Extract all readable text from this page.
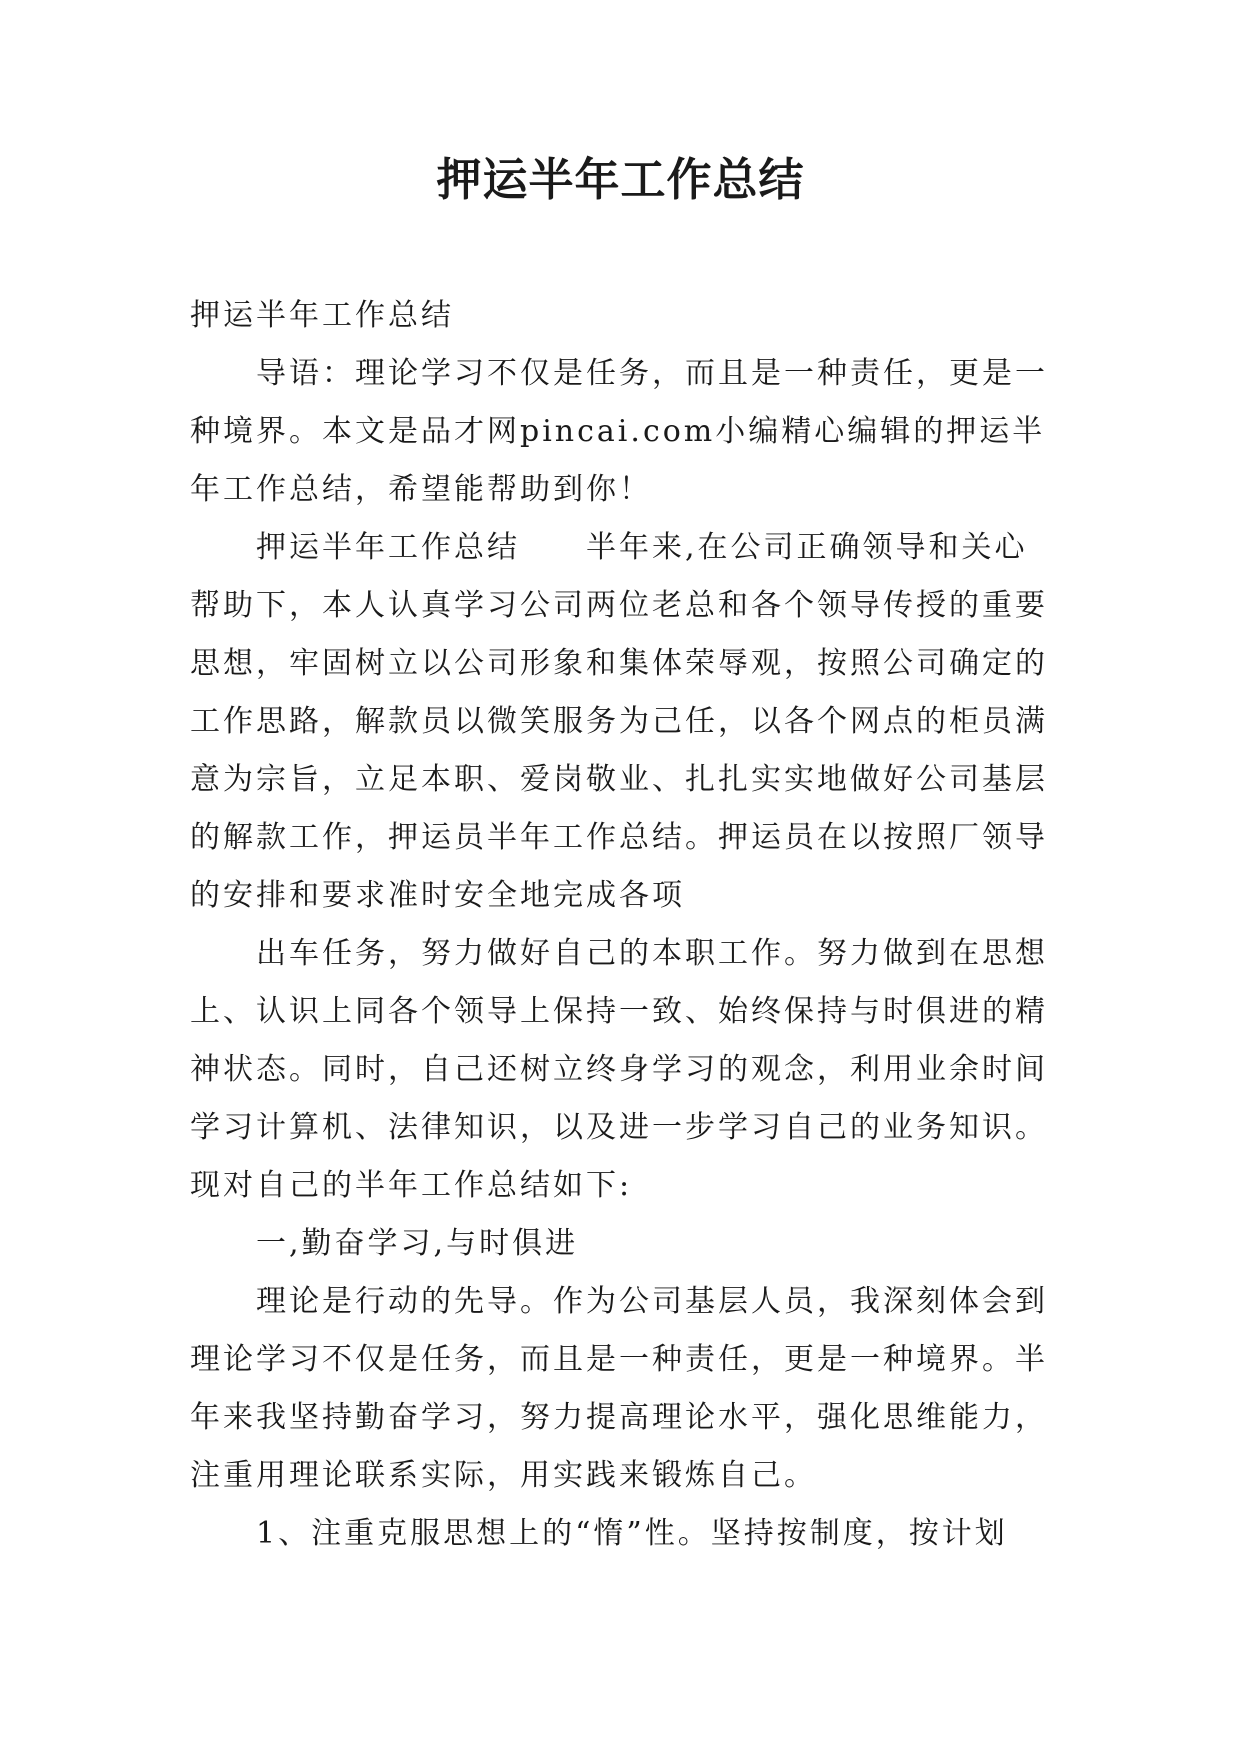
押运半年工作总结

押运半年工作总结

导语：理论学习不仅是任务，而且是一种责任，更是一种境界。本文是品才网pincai.com小编精心编辑的押运半年工作总结，希望能帮助到你！

押运半年工作总结　　半年来,在公司正确领导和关心帮助下，本人认真学习公司两位老总和各个领导传授的重要思想，牢固树立以公司形象和集体荣辱观，按照公司确定的工作思路，解款员以微笑服务为己任，以各个网点的柜员满意为宗旨，立足本职、爱岗敬业、扎扎实实地做好公司基层的解款工作，押运员半年工作总结。押运员在以按照厂领导的安排和要求准时安全地完成各项

出车任务，努力做好自己的本职工作。努力做到在思想上、认识上同各个领导上保持一致、始终保持与时俱进的精神状态。同时，自己还树立终身学习的观念，利用业余时间学习计算机、法律知识，以及进一步学习自己的业务知识。现对自己的半年工作总结如下:

一,勤奋学习,与时俱进

理论是行动的先导。作为公司基层人员，我深刻体会到理论学习不仅是任务，而且是一种责任，更是一种境界。半年来我坚持勤奋学习，努力提高理论水平，强化思维能力，注重用理论联系实际，用实践来锻炼自己。

1、注重克服思想上的“惰”性。坚持按制度，按计划
